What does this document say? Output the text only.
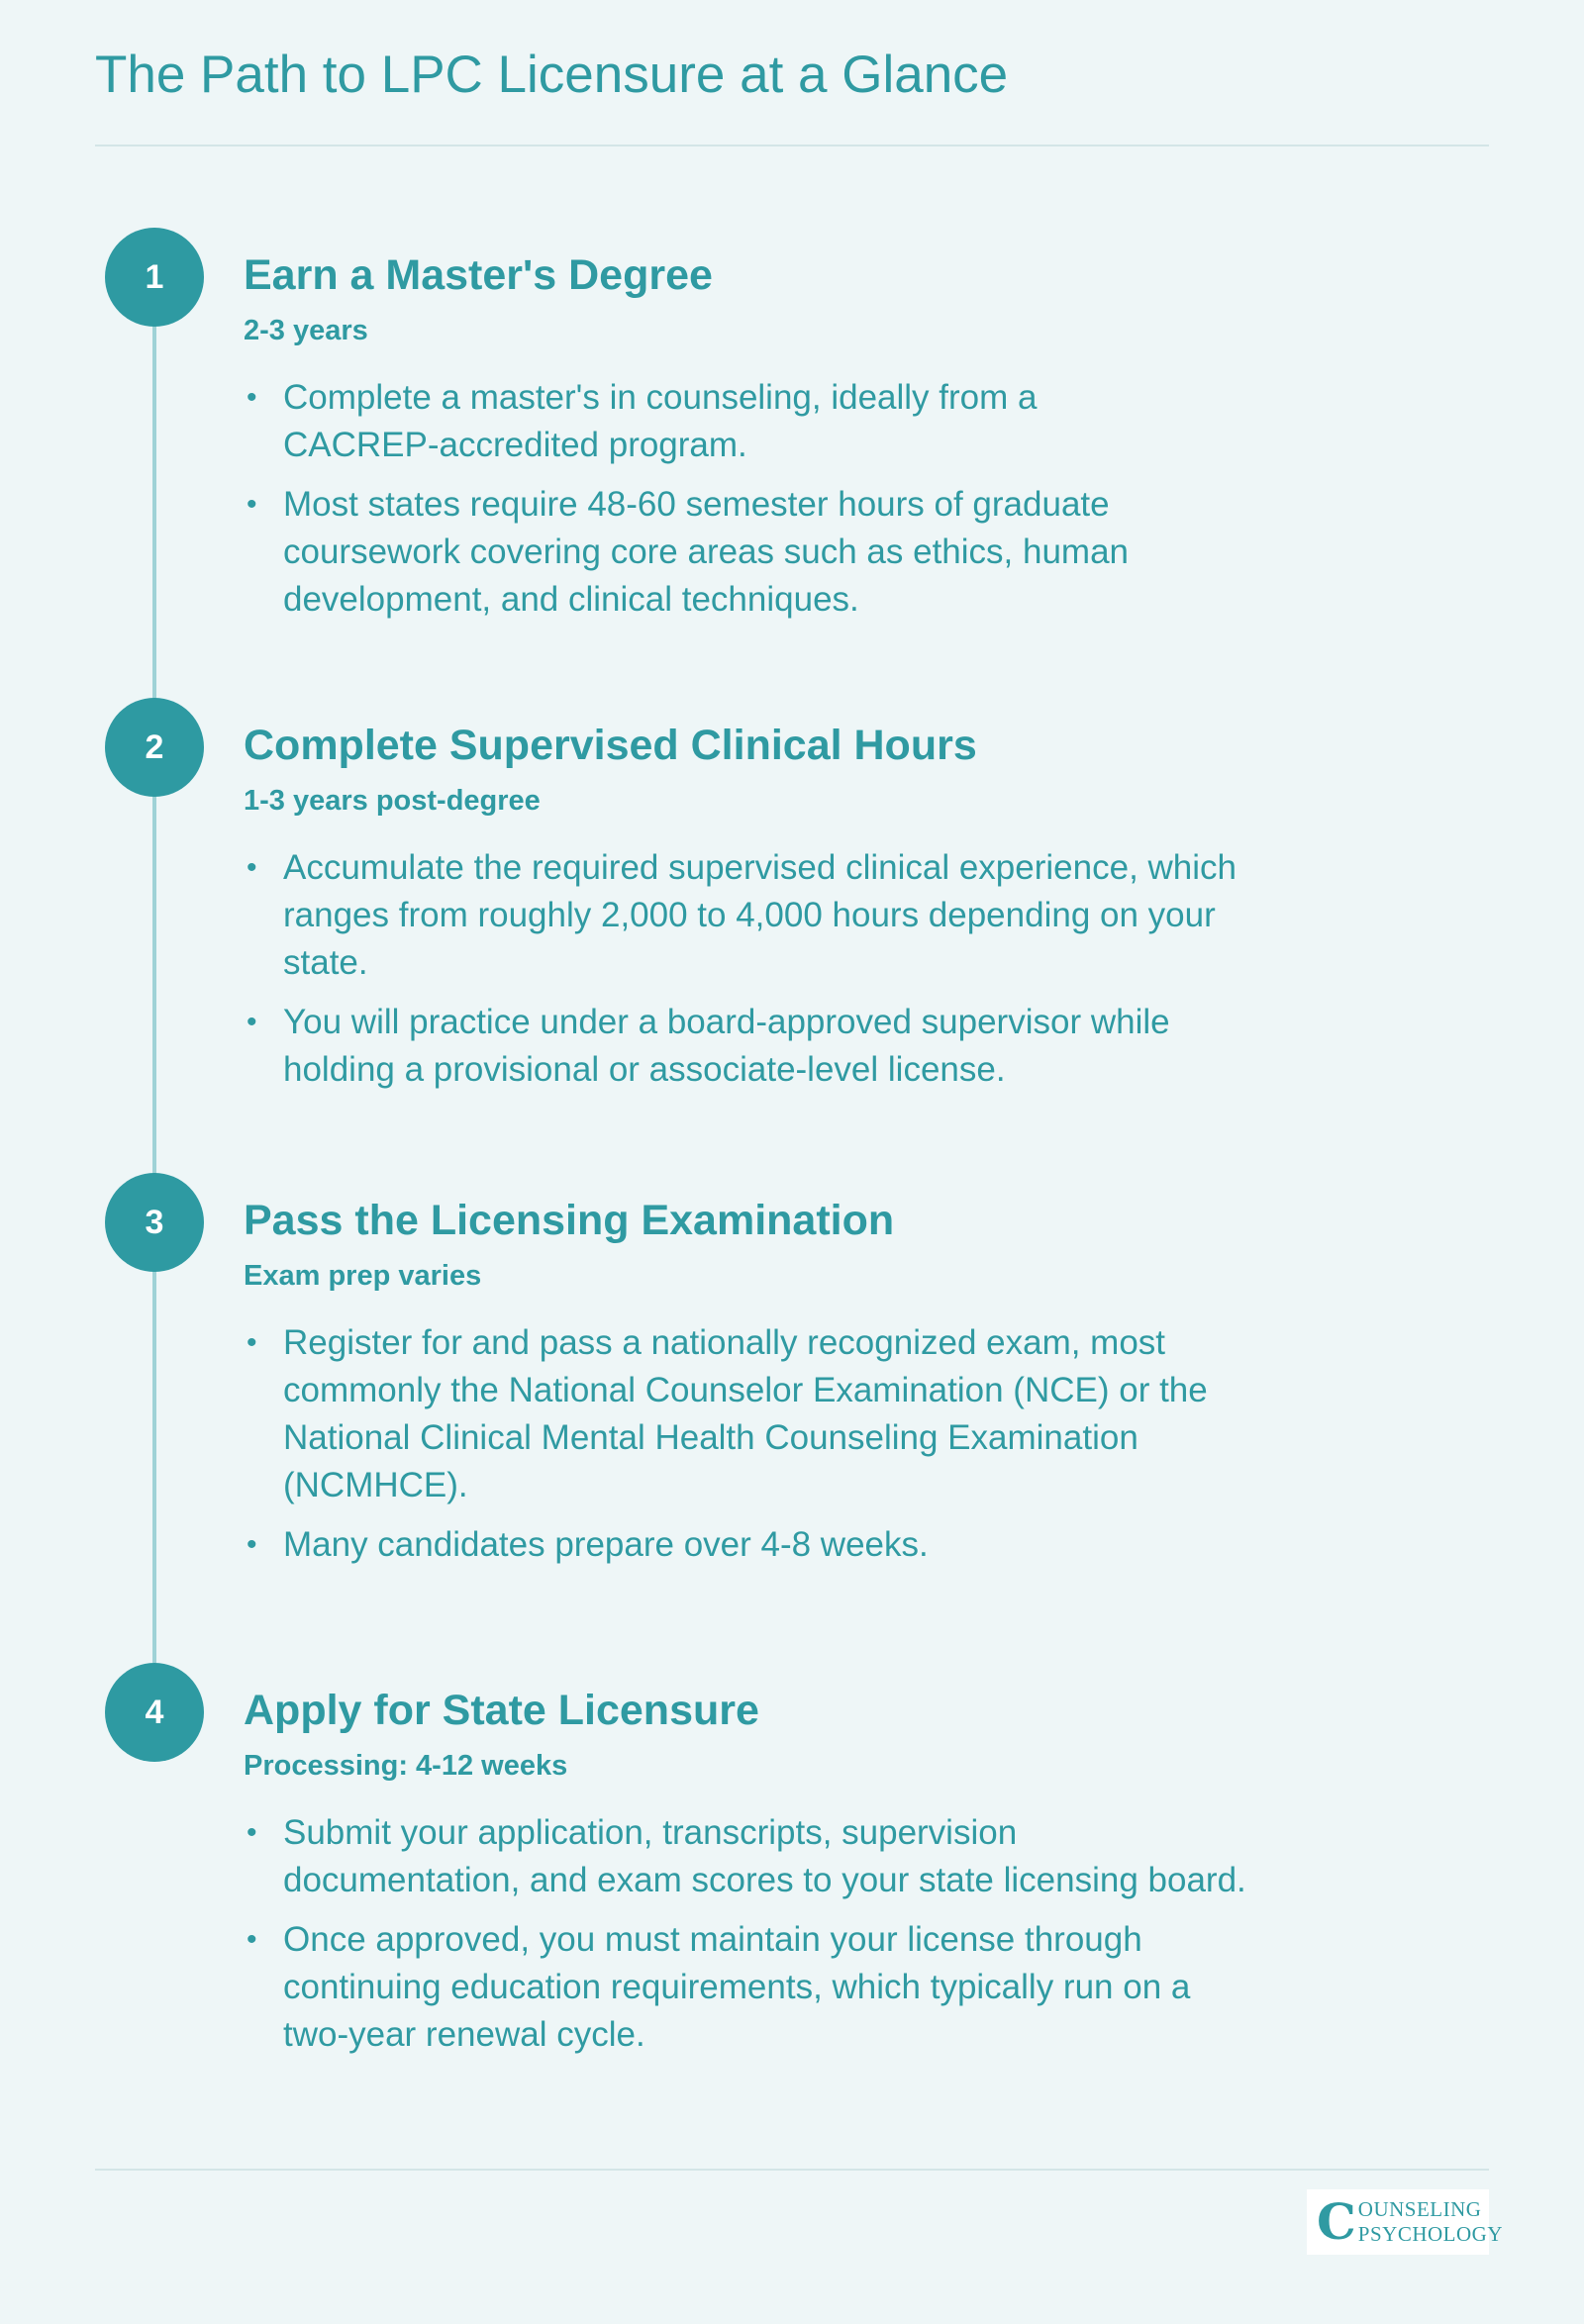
The Path to LPC Licensure at a Glance
1	Earn a Master's Degree
2-3 years
• Complete a master's in counseling, ideally from a CACREP-accredited program.
• Most states require 48-60 semester hours of graduate coursework covering core areas such as ethics, human development, and clinical techniques.
2	Complete Supervised Clinical Hours
1-3 years post-degree
• Accumulate the required supervised clinical experience, which ranges from roughly 2,000 to 4,000 hours depending on your state.
• You will practice under a board-approved supervisor while holding a provisional or associate-level license.
3	Pass the Licensing Examination
Exam prep varies
• Register for and pass a nationally recognized exam, most commonly the National Counselor Examination (NCE) or the National Clinical Mental Health Counseling Examination (NCMHCE).
• Many candidates prepare over 4-8 weeks.
4	Apply for State Licensure
Processing: 4-12 weeks
• Submit your application, transcripts, supervision documentation, and exam scores to your state licensing board.
• Once approved, you must maintain your license through continuing education requirements, which typically run on a two-year renewal cycle.
C OUNSELING
PSYCHOLOGY
